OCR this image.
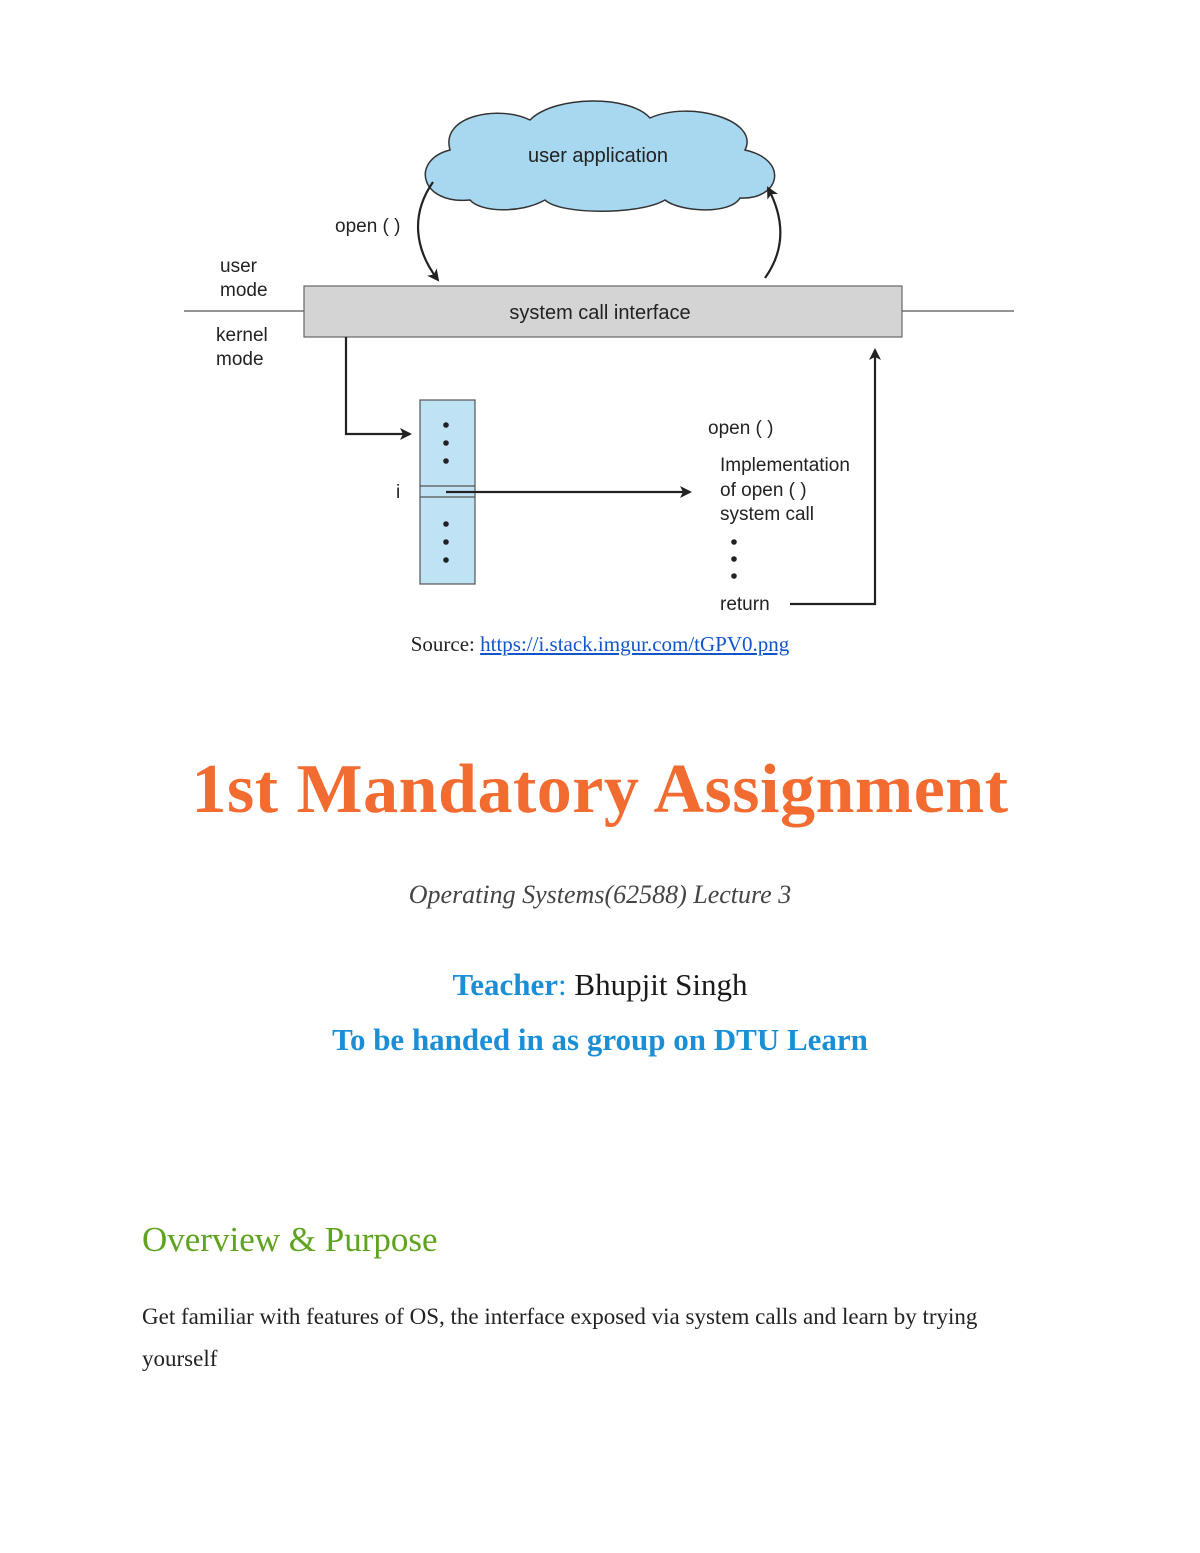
user application
open ( )
user
mode
kernel
mode
system call interface
i
open ( )
Implementation
of open ( )
system call
return
Source: https://i.stack.imgur.com/tGPV0.png
1st Mandatory Assignment
Operating Systems(62588) Lecture 3
Teacher: Bhupjit Singh
To be handed in as group on DTU Learn
Overview & Purpose
Get familiar with features of OS, the interface exposed via system calls and learn by trying yourself
